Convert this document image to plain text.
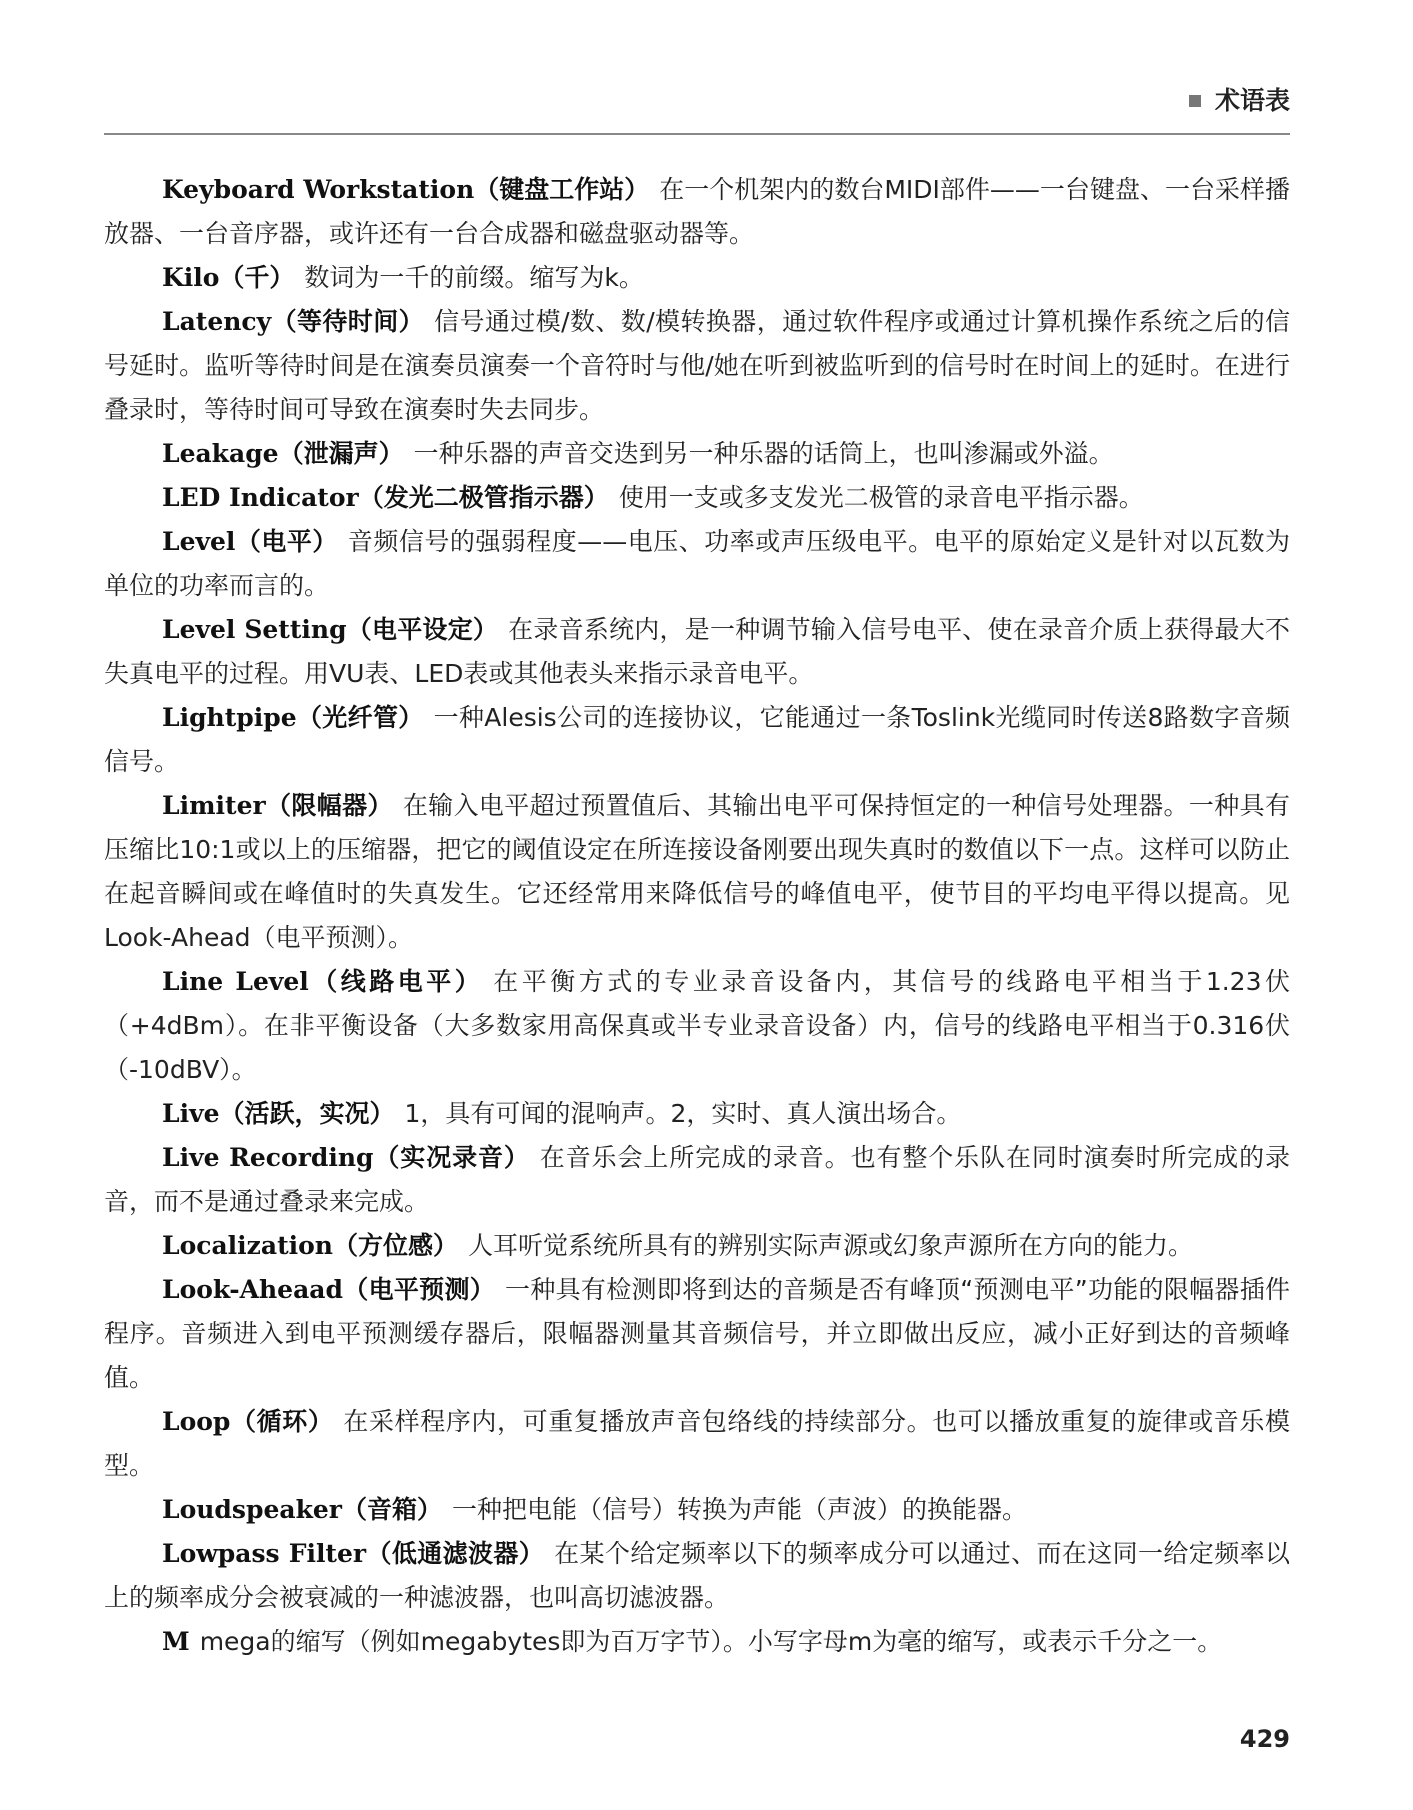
术语表

Keyboard Workstation（键盘工作站） 在一个机架内的数台MIDI部件——一台键盘、一台采样播放器、一台音序器，或许还有一台合成器和磁盘驱动器等。

Kilo（千） 数词为一千的前缀。缩写为k。

Latency（等待时间） 信号通过模/数、数/模转换器，通过软件程序或通过计算机操作系统之后的信号延时。监听等待时间是在演奏员演奏一个音符时与他/她在听到被监听到的信号时在时间上的延时。在进行叠录时，等待时间可导致在演奏时失去同步。

Leakage（泄漏声） 一种乐器的声音交迭到另一种乐器的话筒上，也叫渗漏或外溢。

LED Indicator（发光二极管指示器） 使用一支或多支发光二极管的录音电平指示器。

Level（电平） 音频信号的强弱程度——电压、功率或声压级电平。电平的原始定义是针对以瓦数为单位的功率而言的。

Level Setting（电平设定） 在录音系统内，是一种调节输入信号电平、使在录音介质上获得最大不失真电平的过程。用VU表、LED表或其他表头来指示录音电平。

Lightpipe（光纤管） 一种Alesis公司的连接协议，它能通过一条Toslink光缆同时传送8路数字音频信号。

Limiter（限幅器） 在输入电平超过预置值后、其输出电平可保持恒定的一种信号处理器。一种具有压缩比10:1或以上的压缩器，把它的阈值设定在所连接设备刚要出现失真时的数值以下一点。这样可以防止在起音瞬间或在峰值时的失真发生。它还经常用来降低信号的峰值电平，使节目的平均电平得以提高。见Look-Ahead（电平预测）。

Line Level（线路电平） 在平衡方式的专业录音设备内，其信号的线路电平相当于1.23伏（+4dBm）。在非平衡设备（大多数家用高保真或半专业录音设备）内，信号的线路电平相当于0.316伏（-10dBV）。

Live（活跃，实况） 1，具有可闻的混响声。2，实时、真人演出场合。

Live Recording（实况录音） 在音乐会上所完成的录音。也有整个乐队在同时演奏时所完成的录音，而不是通过叠录来完成。

Localization（方位感） 人耳听觉系统所具有的辨别实际声源或幻象声源所在方向的能力。

Look-Aheaad（电平预测） 一种具有检测即将到达的音频是否有峰顶“预测电平”功能的限幅器插件程序。音频进入到电平预测缓存器后，限幅器测量其音频信号，并立即做出反应，减小正好到达的音频峰值。

Loop（循环） 在采样程序内，可重复播放声音包络线的持续部分。也可以播放重复的旋律或音乐模型。

Loudspeaker（音箱） 一种把电能（信号）转换为声能（声波）的换能器。

Lowpass Filter（低通滤波器） 在某个给定频率以下的频率成分可以通过、而在这同一给定频率以上的频率成分会被衰减的一种滤波器，也叫高切滤波器。

M mega的缩写（例如megabytes即为百万字节）。小写字母m为毫的缩写，或表示千分之一。

429
